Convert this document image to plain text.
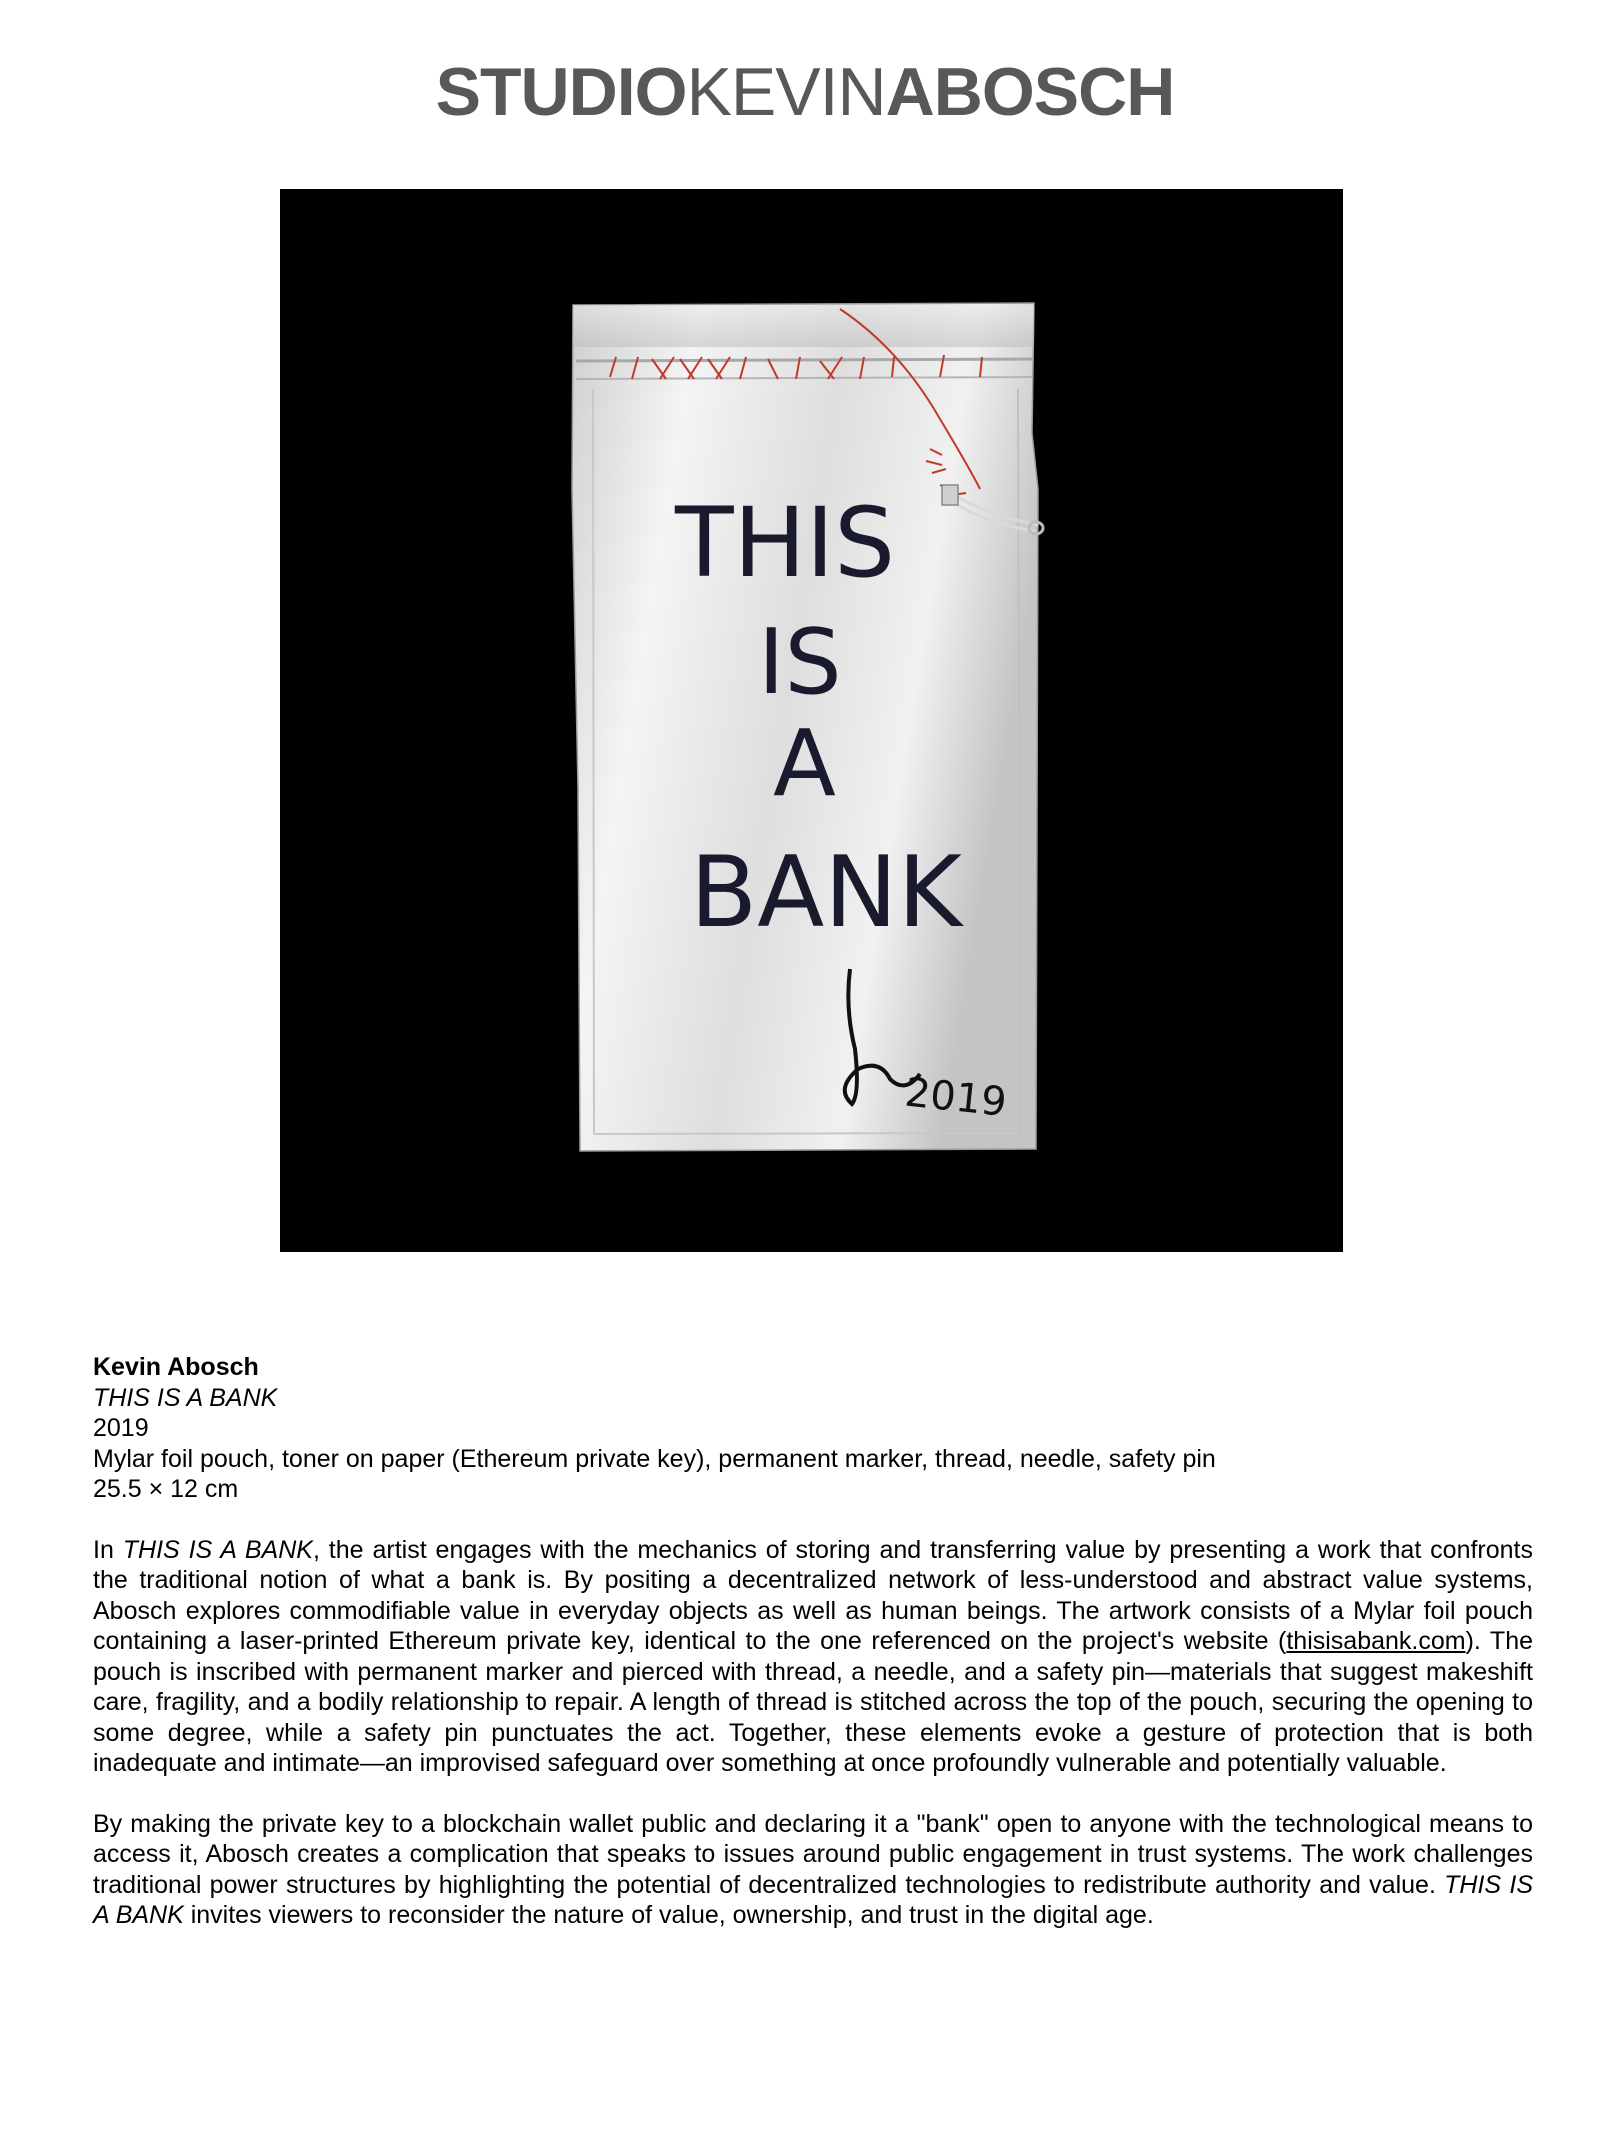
STUDIOKEVINABOSCH
THIS
IS
A
BANK
2019
Kevin Abosch
THIS IS A BANK
2019
Mylar foil pouch, toner on paper (Ethereum private key), permanent marker, thread, needle, safety pin
25.5 × 12 cm
In THIS IS A BANK, the artist engages with the mechanics of storing and transferring value by presenting a work that confronts the traditional notion of what a bank is. By positing a decentralized network of less-understood and abstract value systems, Abosch explores commodifiable value in everyday objects as well as human beings. The artwork consists of a Mylar foil pouch containing a laser-printed Ethereum private key, identical to the one referenced on the project's website (thisisabank.com). The pouch is inscribed with permanent marker and pierced with thread, a needle, and a safety pin—materials that suggest makeshift care, fragility, and a bodily relationship to repair. A length of thread is stitched across the top of the pouch, securing the opening to some degree, while a safety pin punctuates the act. Together, these elements evoke a gesture of protection that is both inadequate and intimate—an improvised safeguard over something at once profoundly vulnerable and potentially valuable.
By making the private key to a blockchain wallet public and declaring it a "bank" open to anyone with the technological means to access it, Abosch creates a complication that speaks to issues around public engagement in trust systems. The work challenges traditional power structures by highlighting the potential of decentralized technologies to redistribute authority and value. THIS IS A BANK invites viewers to reconsider the nature of value, ownership, and trust in the digital age.
